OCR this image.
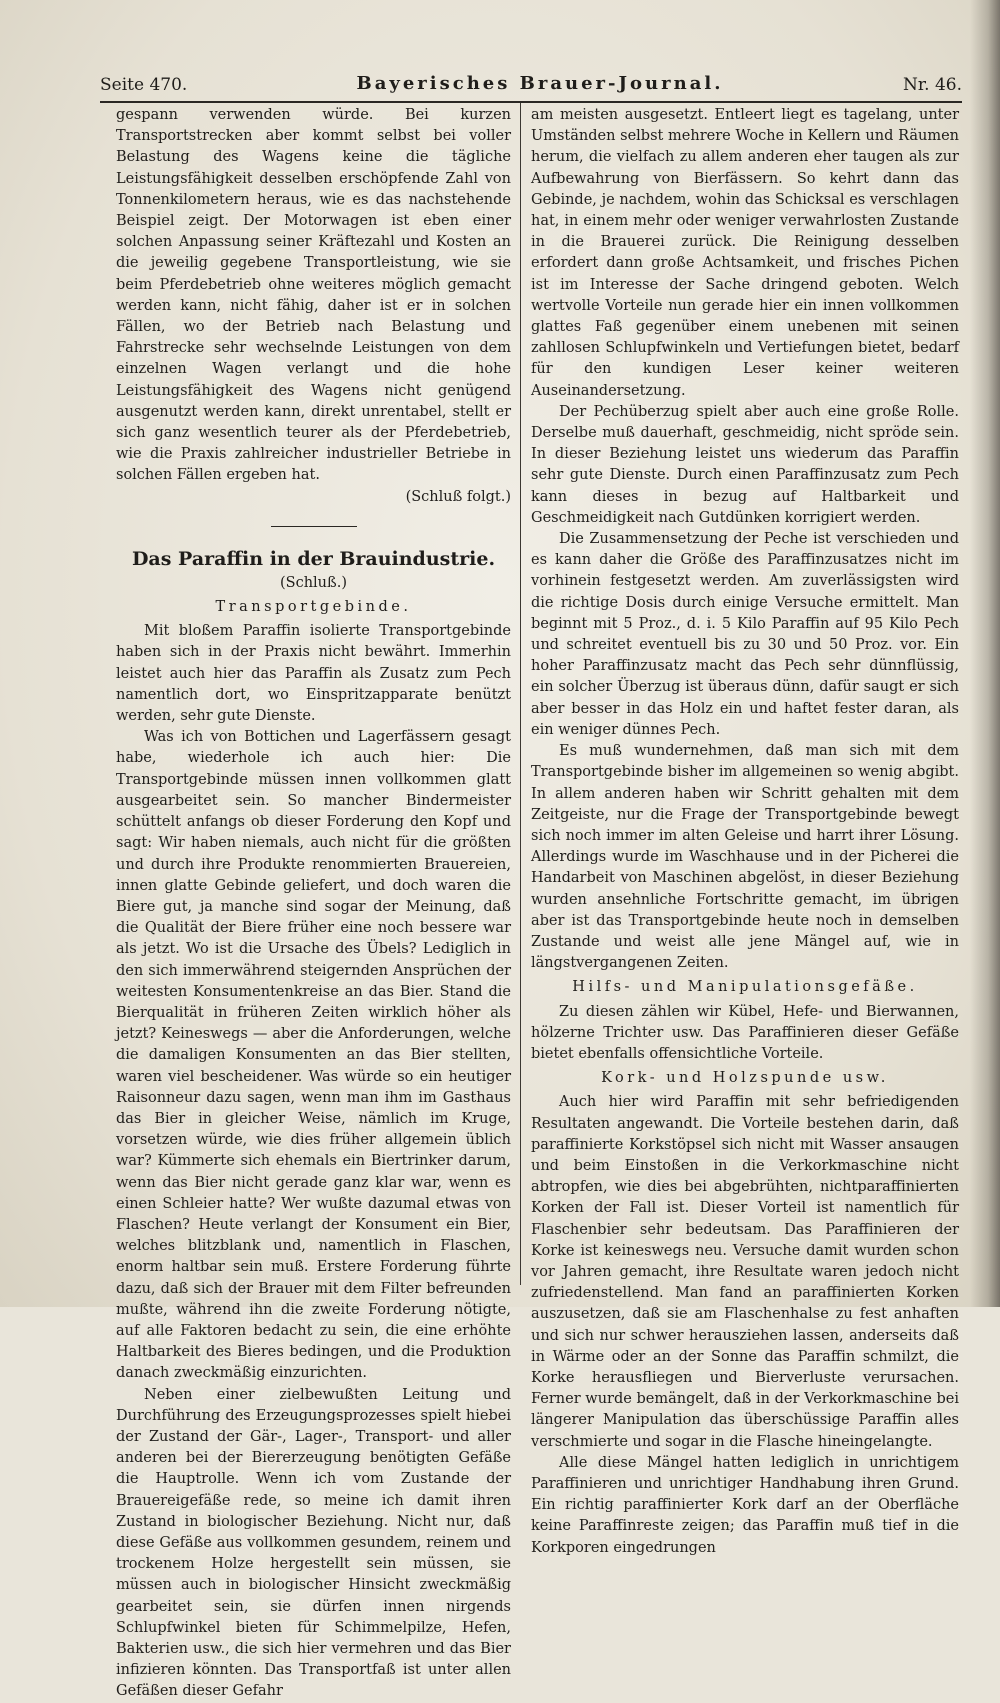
Seite 470.	Bayerisches Brauer-Journal.	Nr. 46.

gespann verwenden würde. Bei kurzen Transportstrecken aber kommt selbst bei voller Belastung des Wagens keine die tägliche Leistungsfähigkeit desselben erschöpfende Zahl von Tonnenkilometern heraus, wie es das nachstehende Beispiel zeigt. Der Motorwagen ist eben einer solchen Anpassung seiner Kräftezahl und Kosten an die jeweilig gegebene Transportleistung, wie sie beim Pferdebetrieb ohne weiteres möglich gemacht werden kann, nicht fähig, daher ist er in solchen Fällen, wo der Betrieb nach Belastung und Fahrstrecke sehr wechselnde Leistungen von dem einzelnen Wagen verlangt und die hohe Leistungsfähigkeit des Wagens nicht genügend ausgenutzt werden kann, direkt unrentabel, stellt er sich ganz wesentlich teurer als der Pferdebetrieb, wie die Praxis zahlreicher industrieller Betriebe in solchen Fällen ergeben hat.

(Schluß folgt.)

Das Paraffin in der Brauindustrie.
(Schluß.)
Transportgebinde.

Mit bloßem Paraffin isolierte Transportgebinde haben sich in der Praxis nicht bewährt. Immerhin leistet auch hier das Paraffin als Zusatz zum Pech namentlich dort, wo Einspritzapparate benützt werden, sehr gute Dienste.

Was ich von Bottichen und Lagerfässern gesagt habe, wiederhole ich auch hier: Die Transportgebinde müssen innen vollkommen glatt ausgearbeitet sein. So mancher Bindermeister schüttelt anfangs ob dieser Forderung den Kopf und sagt: Wir haben niemals, auch nicht für die größten und durch ihre Produkte renommierten Brauereien, innen glatte Gebinde geliefert, und doch waren die Biere gut, ja manche sind sogar der Meinung, daß die Qualität der Biere früher eine noch bessere war als jetzt. Wo ist die Ursache des Übels? Lediglich in den sich immerwährend steigernden Ansprüchen der weitesten Konsumentenkreise an das Bier. Stand die Bierqualität in früheren Zeiten wirklich höher als jetzt? Keineswegs — aber die Anforderungen, welche die damaligen Konsumenten an das Bier stellten, waren viel bescheidener. Was würde so ein heutiger Raisonneur dazu sagen, wenn man ihm im Gasthaus das Bier in gleicher Weise, nämlich im Kruge, vorsetzen würde, wie dies früher allgemein üblich war? Kümmerte sich ehemals ein Biertrinker darum, wenn das Bier nicht gerade ganz klar war, wenn es einen Schleier hatte? Wer wußte dazumal etwas von Flaschen? Heute verlangt der Konsument ein Bier, welches blitzblank und, namentlich in Flaschen, enorm haltbar sein muß. Erstere Forderung führte dazu, daß sich der Brauer mit dem Filter befreunden mußte, während ihn die zweite Forderung nötigte, auf alle Faktoren bedacht zu sein, die eine erhöhte Haltbarkeit des Bieres bedingen, und die Produktion danach zweckmäßig einzurichten.

Neben einer zielbewußten Leitung und Durchführung des Erzeugungsprozesses spielt hiebei der Zustand der Gär-, Lager-, Transport- und aller anderen bei der Biererzeugung benötigten Gefäße die Hauptrolle. Wenn ich vom Zustande der Brauereigefäße rede, so meine ich damit ihren Zustand in biologischer Beziehung. Nicht nur, daß diese Gefäße aus vollkommen gesundem, reinem und trockenem Holze hergestellt sein müssen, sie müssen auch in biologischer Hinsicht zweckmäßig gearbeitet sein, sie dürfen innen nirgends Schlupfwinkel bieten für Schimmelpilze, Hefen, Bakterien usw., die sich hier vermehren und das Bier infizieren könnten. Das Transportfaß ist unter allen Gefäßen dieser Gefahr

am meisten ausgesetzt. Entleert liegt es tagelang, unter Umständen selbst mehrere Woche in Kellern und Räumen herum, die vielfach zu allem anderen eher taugen als zur Aufbewahrung von Bierfässern. So kehrt dann das Gebinde, je nachdem, wohin das Schicksal es verschlagen hat, in einem mehr oder weniger verwahrlosten Zustande in die Brauerei zurück. Die Reinigung desselben erfordert dann große Achtsamkeit, und frisches Pichen ist im Interesse der Sache dringend geboten. Welch wertvolle Vorteile nun gerade hier ein innen vollkommen glattes Faß gegenüber einem unebenen mit seinen zahllosen Schlupfwinkeln und Vertiefungen bietet, bedarf für den kundigen Leser keiner weiteren Auseinandersetzung.

Der Pechüberzug spielt aber auch eine große Rolle. Derselbe muß dauerhaft, geschmeidig, nicht spröde sein. In dieser Beziehung leistet uns wiederum das Paraffin sehr gute Dienste. Durch einen Paraffinzusatz zum Pech kann dieses in bezug auf Haltbarkeit und Geschmeidigkeit nach Gutdünken korrigiert werden.

Die Zusammensetzung der Peche ist verschieden und es kann daher die Größe des Paraffinzusatzes nicht im vorhinein festgesetzt werden. Am zuverlässigsten wird die richtige Dosis durch einige Versuche ermittelt. Man beginnt mit 5 Proz., d. i. 5 Kilo Paraffin auf 95 Kilo Pech und schreitet eventuell bis zu 30 und 50 Proz. vor. Ein hoher Paraffinzusatz macht das Pech sehr dünnflüssig, ein solcher Überzug ist überaus dünn, dafür saugt er sich aber besser in das Holz ein und haftet fester daran, als ein weniger dünnes Pech.

Es muß wundernehmen, daß man sich mit dem Transportgebinde bisher im allgemeinen so wenig abgibt. In allem anderen haben wir Schritt gehalten mit dem Zeitgeiste, nur die Frage der Transportgebinde bewegt sich noch immer im alten Geleise und harrt ihrer Lösung. Allerdings wurde im Waschhause und in der Picherei die Handarbeit von Maschinen abgelöst, in dieser Beziehung wurden ansehnliche Fortschritte gemacht, im übrigen aber ist das Transportgebinde heute noch in demselben Zustande und weist alle jene Mängel auf, wie in längstvergangenen Zeiten.

Hilfs- und Manipulationsgefäße.

Zu diesen zählen wir Kübel, Hefe- und Bierwannen, hölzerne Trichter usw. Das Paraffinieren dieser Gefäße bietet ebenfalls offensichtliche Vorteile.

Kork- und Holzspunde usw.

Auch hier wird Paraffin mit sehr befriedigenden Resultaten angewandt. Die Vorteile bestehen darin, daß paraffinierte Korkstöpsel sich nicht mit Wasser ansaugen und beim Einstoßen in die Verkorkmaschine nicht abtropfen, wie dies bei abgebrühten, nichtparaffinierten Korken der Fall ist. Dieser Vorteil ist namentlich für Flaschenbier sehr bedeutsam. Das Paraffinieren der Korke ist keineswegs neu. Versuche damit wurden schon vor Jahren gemacht, ihre Resultate waren jedoch nicht zufriedenstellend. Man fand an paraffinierten Korken auszusetzen, daß sie am Flaschenhalse zu fest anhaften und sich nur schwer herausziehen lassen, anderseits daß in Wärme oder an der Sonne das Paraffin schmilzt, die Korke herausfliegen und Bierverluste verursachen. Ferner wurde bemängelt, daß in der Verkorkmaschine bei längerer Manipulation das überschüssige Paraffin alles verschmierte und sogar in die Flasche hineingelangte.

Alle diese Mängel hatten lediglich in unrichtigem Paraffinieren und unrichtiger Handhabung ihren Grund. Ein richtig paraffinierter Kork darf an der Oberfläche keine Paraffinreste zeigen; das Paraffin muß tief in die Korkporen eingedrungen
